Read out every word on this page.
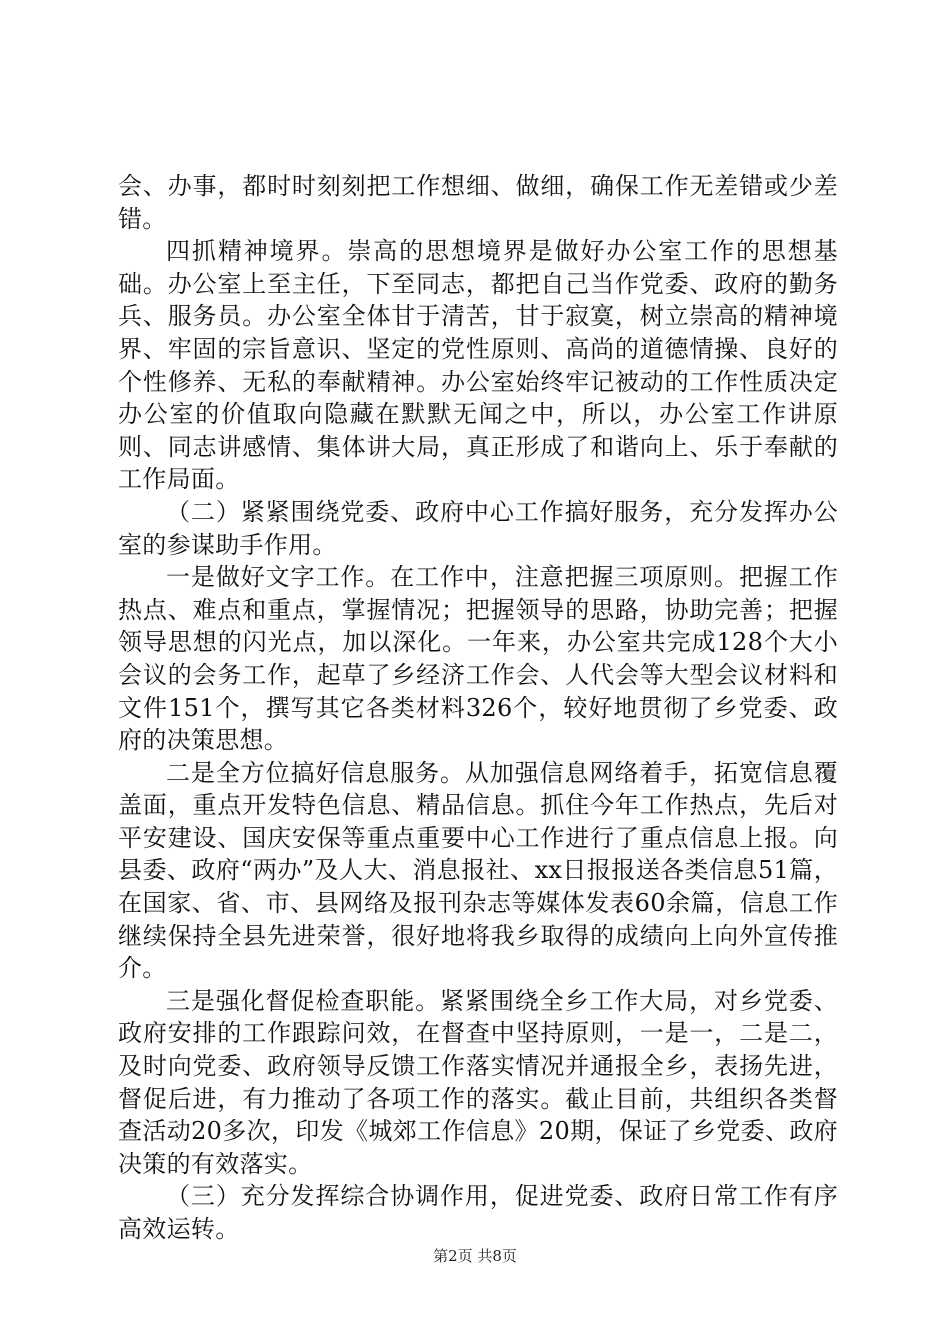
会、办事，都时时刻刻把工作想细、做细，确保工作无差错或少差错。

四抓精神境界。崇高的思想境界是做好办公室工作的思想基础。办公室上至主任，下至同志，都把自己当作党委、政府的勤务兵、服务员。办公室全体甘于清苦，甘于寂寞，树立崇高的精神境界、牢固的宗旨意识、坚定的党性原则、高尚的道德情操、良好的个性修养、无私的奉献精神。办公室始终牢记被动的工作性质决定办公室的价值取向隐藏在默默无闻之中，所以，办公室工作讲原则、同志讲感情、集体讲大局，真正形成了和谐向上、乐于奉献的工作局面。

（二）紧紧围绕党委、政府中心工作搞好服务，充分发挥办公室的参谋助手作用。

一是做好文字工作。在工作中，注意把握三项原则。把握工作热点、难点和重点，掌握情况；把握领导的思路，协助完善；把握领导思想的闪光点，加以深化。一年来，办公室共完成128个大小会议的会务工作，起草了乡经济工作会、人代会等大型会议材料和文件151个，撰写其它各类材料326个，较好地贯彻了乡党委、政府的决策思想。

二是全方位搞好信息服务。从加强信息网络着手，拓宽信息覆盖面，重点开发特色信息、精品信息。抓住今年工作热点，先后对平安建设、国庆安保等重点重要中心工作进行了重点信息上报。向县委、政府“两办”及人大、消息报社、xx日报报送各类信息51篇，在国家、省、市、县网络及报刊杂志等媒体发表60余篇，信息工作继续保持全县先进荣誉，很好地将我乡取得的成绩向上向外宣传推介。

三是强化督促检查职能。紧紧围绕全乡工作大局，对乡党委、政府安排的工作跟踪问效，在督查中坚持原则，一是一，二是二，及时向党委、政府领导反馈工作落实情况并通报全乡，表扬先进，督促后进，有力推动了各项工作的落实。截止目前，共组织各类督查活动20多次，印发《城郊工作信息》20期，保证了乡党委、政府决策的有效落实。

（三）充分发挥综合协调作用，促进党委、政府日常工作有序高效运转。

第2页 共8页
